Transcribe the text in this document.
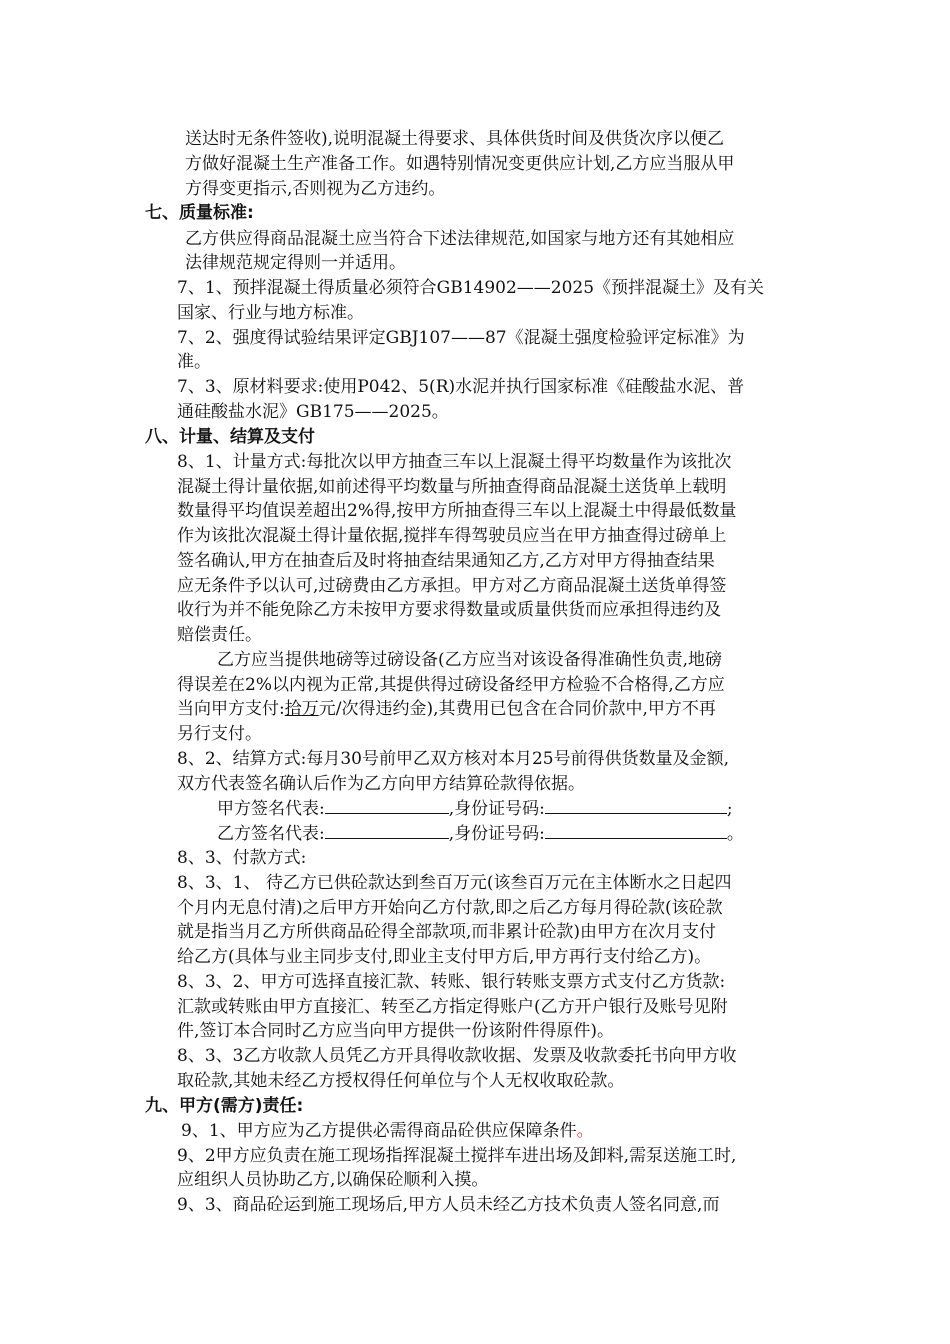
送达时无条件签收),说明混凝土得要求、具体供货时间及供货次序以便乙
方做好混凝土生产准备工作。如遇特别情况变更供应计划,乙方应当服从甲
方得变更指示,否则视为乙方违约。
七、质量标准:
乙方供应得商品混凝土应当符合下述法律规范,如国家与地方还有其她相应
法律规范规定得则一并适用。
7、1、预拌混凝土得质量必须符合GB14902——2025《预拌混凝土》及有关
国家、行业与地方标准。
7、2、强度得试验结果评定GBJ107——87《混凝土强度检验评定标准》为
准。
7、3、原材料要求:使用P042、5(R)水泥并执行国家标准《硅酸盐水泥、普
通硅酸盐水泥》GB175——2025。
八、计量、结算及支付
8、1、计量方式:每批次以甲方抽查三车以上混凝土得平均数量作为该批次
混凝土得计量依据,如前述得平均数量与所抽查得商品混凝土送货单上载明
数量得平均值误差超出2%得,按甲方所抽查得三车以上混凝土中得最低数量
作为该批次混凝土得计量依据,搅拌车得驾驶员应当在甲方抽查得过磅单上
签名确认,甲方在抽查后及时将抽查结果通知乙方,乙方对甲方得抽查结果
应无条件予以认可,过磅费由乙方承担。甲方对乙方商品混凝土送货单得签
收行为并不能免除乙方未按甲方要求得数量或质量供货而应承担得违约及
赔偿责任。
乙方应当提供地磅等过磅设备(乙方应当对该设备得准确性负责,地磅
得误差在2%以内视为正常,其提供得过磅设备经甲方检验不合格得,乙方应
当向甲方支付:拾万元/次得违约金),其费用已包含在合同价款中,甲方不再
另行支付。
8、2、结算方式:每月30号前甲乙双方核对本月25号前得供货数量及金额,
双方代表签名确认后作为乙方向甲方结算砼款得依据。
甲方签名代表:	,身份证号码:	;
乙方签名代表:	,身份证号码:	。
8、3、付款方式:
8、3、1、 待乙方已供砼款达到叁百万元(该叁百万元在主体断水之日起四
个月内无息付清)之后甲方开始向乙方付款,即之后乙方每月得砼款(该砼款
就是指当月乙方所供商品砼得全部款项,而非累计砼款)由甲方在次月支付
给乙方(具体与业主同步支付,即业主支付甲方后,甲方再行支付给乙方)。
8、3、2、甲方可选择直接汇款、转账、银行转账支票方式支付乙方货款:
汇款或转账由甲方直接汇、转至乙方指定得账户(乙方开户银行及账号见附
件,签订本合同时乙方应当向甲方提供一份该附件得原件)。
8、3、3乙方收款人员凭乙方开具得收款收据、发票及收款委托书向甲方收
取砼款,其她未经乙方授权得任何单位与个人无权收取砼款。
九、甲方(需方)责任:
9、1、甲方应为乙方提供必需得商品砼供应保障条件。
9、2甲方应负责在施工现场指挥混凝土搅拌车进出场及卸料,需泵送施工时,
应组织人员协助乙方,以确保砼顺利入摸。
9、3、商品砼运到施工现场后,甲方人员未经乙方技术负责人签名同意,而
